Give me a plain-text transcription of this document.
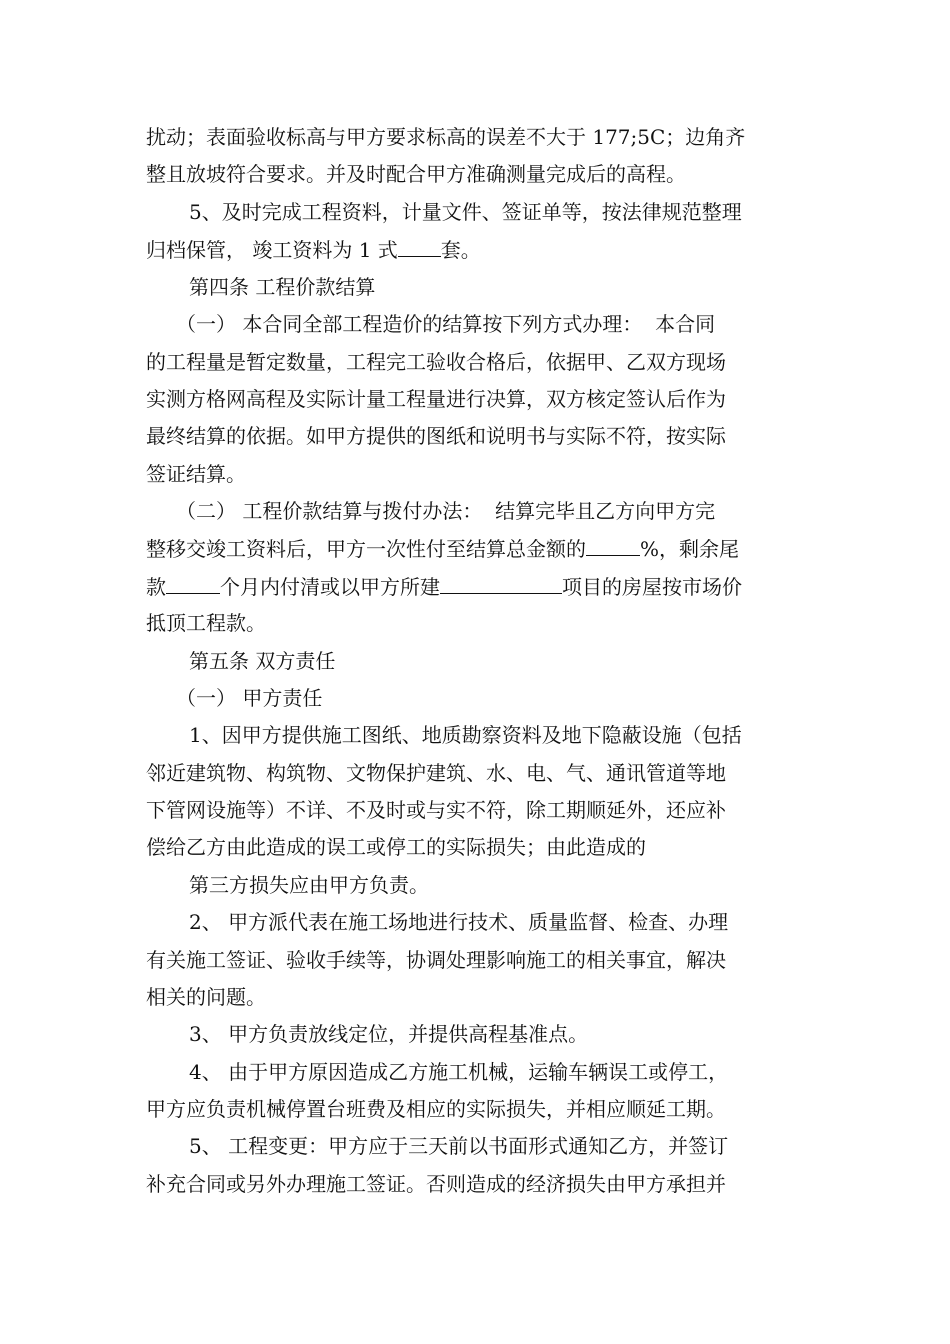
扰动；表面验收标高与甲方要求标高的误差不大于 177;5C；边角齐
整且放坡符合要求。并及时配合甲方准确测量完成后的高程。
5、及时完成工程资料，计量文件、签证单等，按法律规范整理
归档保管， 竣工资料为 1 式 套。
第四条 工程价款结算
（一） 本合同全部工程造价的结算按下列方式办理：  本合同
的工程量是暂定数量，工程完工验收合格后，依据甲、乙双方现场
实测方格网高程及实际计量工程量进行决算，双方核定签认后作为
最终结算的依据。如甲方提供的图纸和说明书与实际不符，按实际
签证结算。
（二） 工程价款结算与拨付办法：  结算完毕且乙方向甲方完
整移交竣工资料后，甲方一次性付至结算总金额的	%，剩余尾
款	个月内付清或以甲方所建	项目的房屋按市场价
抵顶工程款。
第五条 双方责任
（一） 甲方责任
1、因甲方提供施工图纸、地质勘察资料及地下隐蔽设施（包括
邻近建筑物、构筑物、文物保护建筑、水、电、气、通讯管道等地
下管网设施等）不详、不及时或与实不符，除工期顺延外，还应补
偿给乙方由此造成的误工或停工的实际损失；由此造成的
第三方损失应由甲方负责。
2、 甲方派代表在施工场地进行技术、质量监督、检查、办理
有关施工签证、验收手续等，协调处理影响施工的相关事宜，解决
相关的问题。
3、 甲方负责放线定位，并提供高程基准点。
4、 由于甲方原因造成乙方施工机械，运输车辆误工或停工，
甲方应负责机械停置台班费及相应的实际损失，并相应顺延工期。
5、 工程变更：甲方应于三天前以书面形式通知乙方，并签订
补充合同或另外办理施工签证。否则造成的经济损失由甲方承担并
